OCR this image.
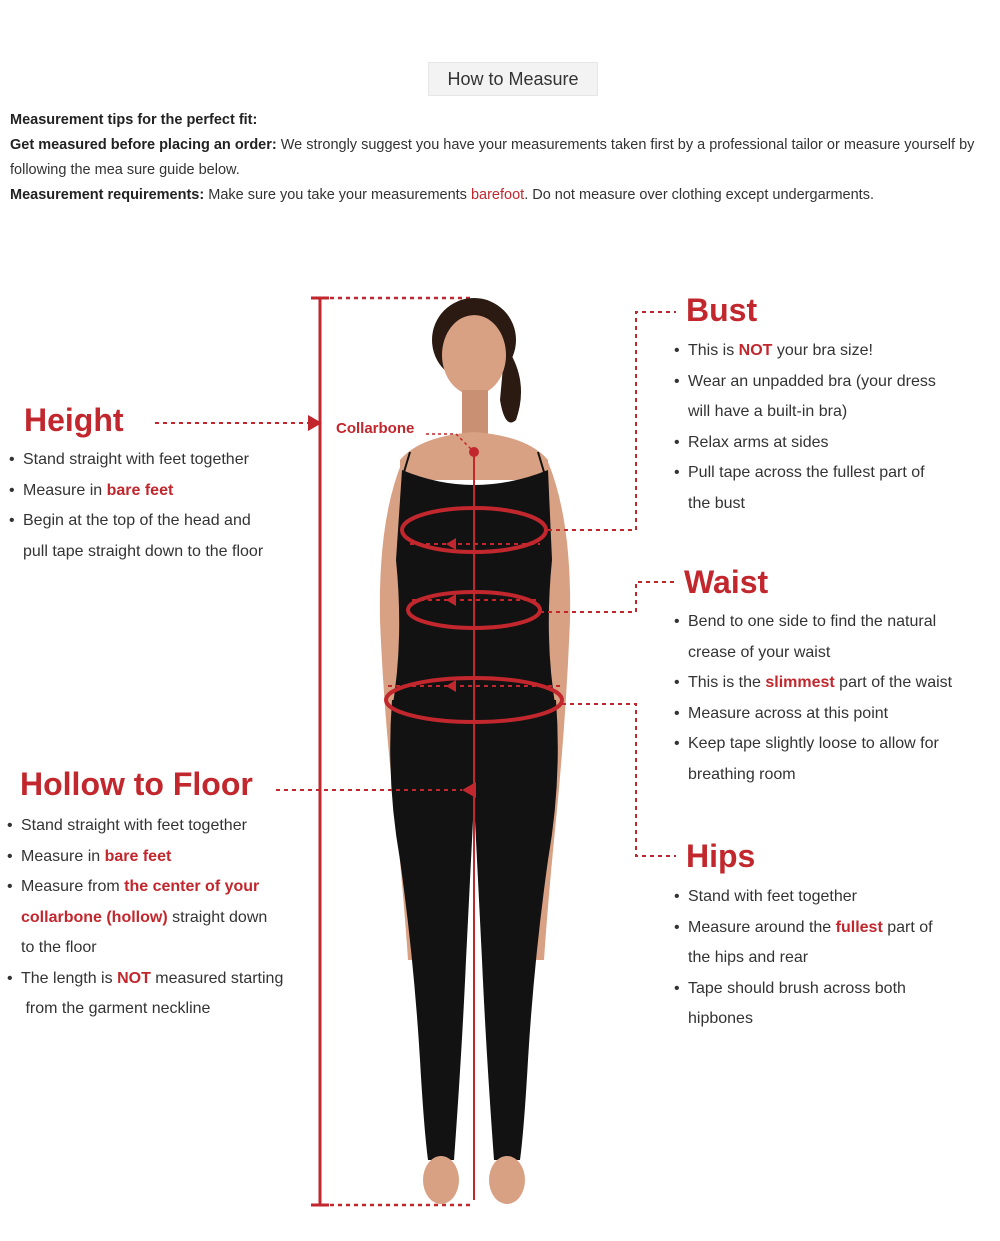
How to Measure

Measurement tips for the perfect fit:

Get measured before placing an order: We strongly suggest you have your measurements taken first by a professional tailor or measure yourself by following the mea sure guide below.

Measurement requirements: Make sure you take your measurements barefoot. Do not measure over clothing except undergarments.

Collarbone
Height
• Stand straight with feet together
• Measure in bare feet
• Begin at the top of the head and
pull tape straight down to the floor
Hollow to Floor
• Stand straight with feet together
• Measure in bare feet
• Measure from the center of your
collarbone (hollow) straight down
to the floor
• The length is NOT measured starting
from the garment neckline
Bust
• This is NOT your bra size!
• Wear an unpadded bra (your dress
will have a built-in bra)
• Relax arms at sides
• Pull tape across the fullest part of
the bust
Waist
• Bend to one side to find the natural
crease of your waist
• This is the slimmest part of the waist
• Measure across at this point
• Keep tape slightly loose to allow for
breathing room
Hips
• Stand with feet together
• Measure around the fullest part of
the hips and rear
• Tape should brush across both
hipbones
